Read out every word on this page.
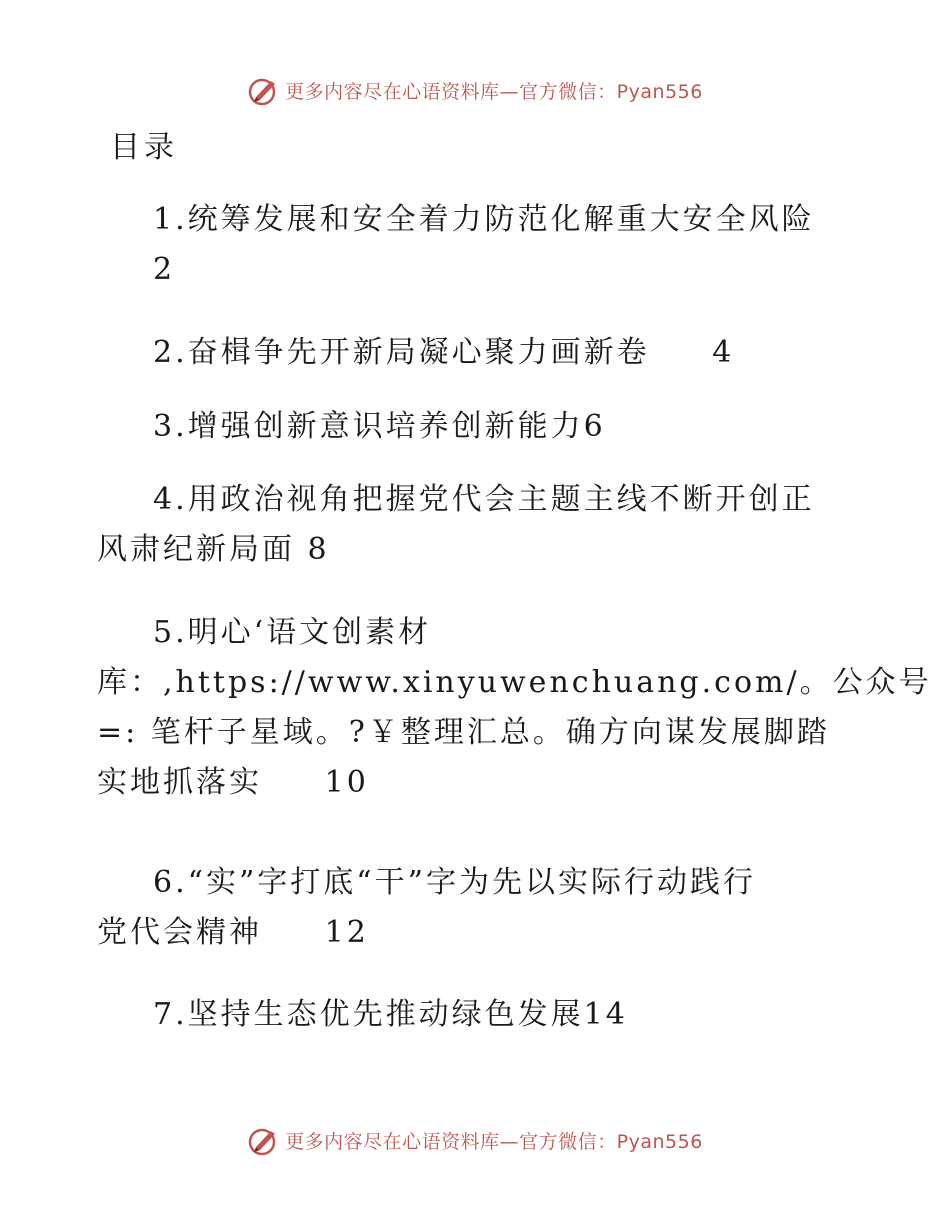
更多内容尽在心语资料库—官方微信：Pyan556
目录
1.统筹发展和安全着力防范化解重大安全风险
2
2.奋楫争先开新局凝心聚力画新卷     4
3.增强创新意识培养创新能力6
4.用政治视角把握党代会主题主线不断开创正
风肃纪新局面 8
5.明心‘语文创素材
库：,https://www.xinyuwenchuang.com/。公众号
=: 笔杆子星域。?￥整理汇总。确方向谋发展脚踏
实地抓落实     10
6.“实”字打底“干”字为先以实际行动践行
党代会精神     12
7.坚持生态优先推动绿色发展14
更多内容尽在心语资料库—官方微信：Pyan556
